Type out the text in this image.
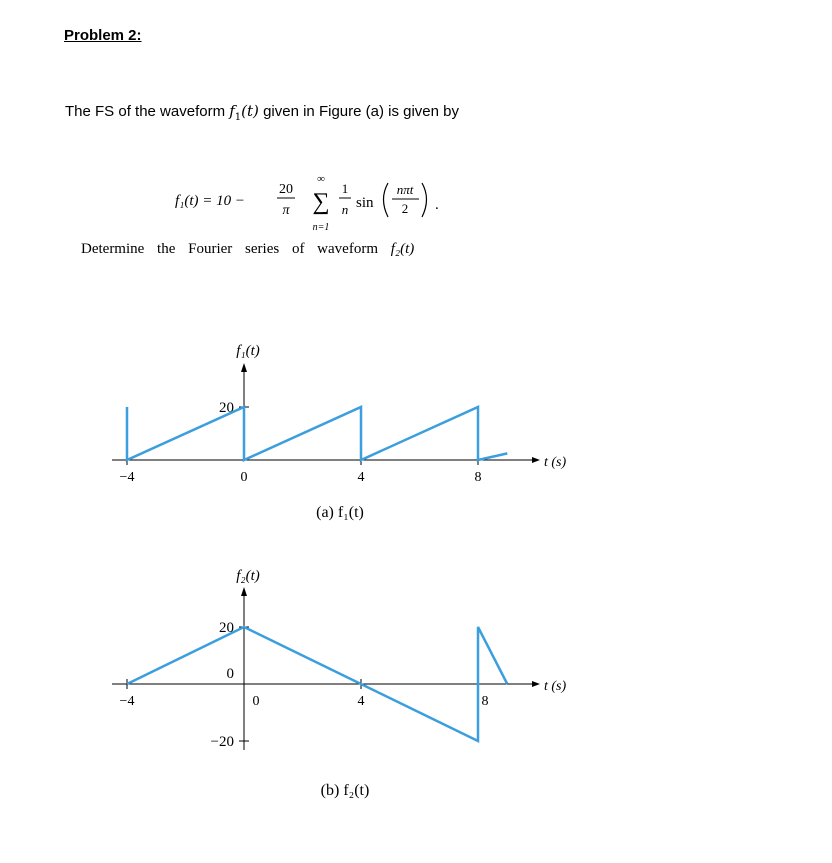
Problem 2:
The FS of the waveform $f_1(t)$ given in Figure (a) is given by
f₁(t) = 10 −
20
π
∞
∑
n=1
1
n sin
nπt
2 .
Determine the Fourier series of waveform f₂(t)
20
f₁(t)
−4	0	4	8
t (s)
(a) f₁(t)
20
0
−20
f₂(t)
−4	0	4	8
t (s)
(b) f₂(t)
